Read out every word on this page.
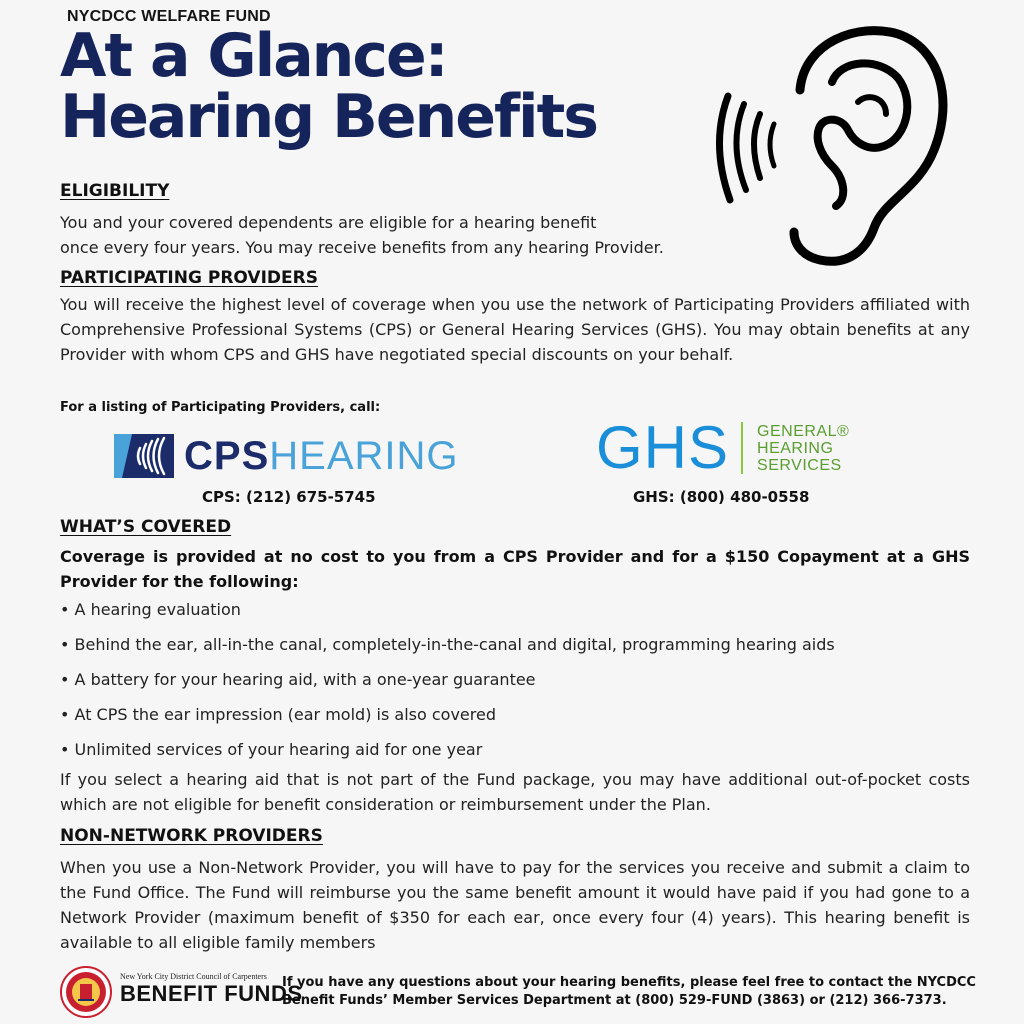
NYCDCC WELFARE FUND
At a Glance:
Hearing Benefits
ELIGIBILITY

You and your covered dependents are eligible for a hearing benefit
once every four years. You may receive benefits from any hearing Provider.

PARTICIPATING PROVIDERS

You will receive the highest level of coverage when you use the network of Participating Providers affiliated with Comprehensive Professional Systems (CPS) or General Hearing Services (GHS). You may obtain benefits at any Provider with whom CPS and GHS have negotiated special discounts on your behalf.

For a listing of Participating Providers, call:

CPSHEARING GHS GENERAL®
HEARING
SERVICES

CPS: (212) 675-5745	GHS: (800) 480-0558

WHAT’S COVERED

Coverage is provided at no cost to you from a CPS Provider and for a $150 Copayment at a GHS Provider for the following:

• A hearing evaluation
• Behind the ear, all-in-the canal, completely-in-the-canal and digital, programming hearing aids
• A battery for your hearing aid, with a one-year guarantee
• At CPS the ear impression (ear mold) is also covered
• Unlimited services of your hearing aid for one year

If you select a hearing aid that is not part of the Fund package, you may have additional out-of-pocket costs which are not eligible for benefit consideration or reimbursement under the Plan.

NON-NETWORK PROVIDERS

When you use a Non-Network Provider, you will have to pay for the services you receive and submit a claim to the Fund Office. The Fund will reimburse you the same benefit amount it would have paid if you had gone to a Network Provider (maximum benefit of $350 for each ear, once every four (4) years). This hearing benefit is available to all eligible family members

New York City District Council of Carpenters
BENEFIT FUNDS

If you have any questions about your hearing benefits, please feel free to contact the NYCDCC Benefit Funds’ Member Services Department at (800) 529-FUND (3863) or (212) 366-7373.
